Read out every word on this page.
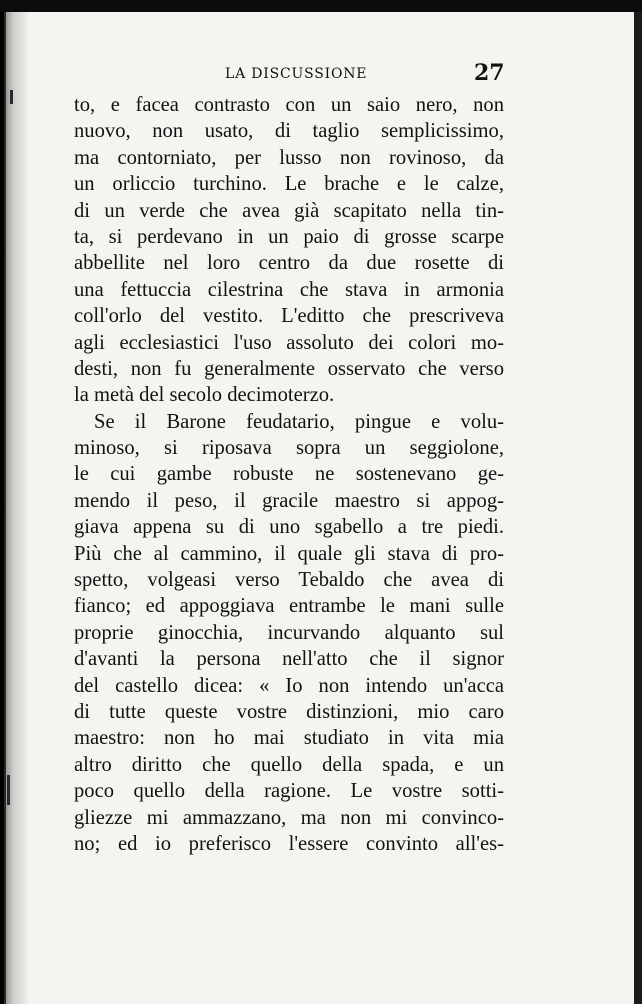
LA DISCUSSIONE	27
to, e facea contrasto con un saio nero, non
nuovo, non usato, di taglio semplicissimo,
ma contorniato, per lusso non rovinoso, da
un orliccio turchino. Le brache e le calze,
di un verde che avea già scapitato nella tin-
ta, si perdevano in un paio di grosse scarpe
abbellite nel loro centro da due rosette di
una fettuccia cilestrina che stava in armonia
coll'orlo del vestito. L'editto che prescriveva
agli ecclesiastici l'uso assoluto dei colori mo-
desti, non fu generalmente osservato che verso
la metà del secolo decimoterzo.
Se il Barone feudatario, pingue e volu-
minoso, si riposava sopra un seggiolone,
le cui gambe robuste ne sostenevano ge-
mendo il peso, il gracile maestro si appog-
giava appena su di uno sgabello a tre piedi.
Più che al cammino, il quale gli stava di pro-
spetto, volgeasi verso Tebaldo che avea di
fianco; ed appoggiava entrambe le mani sulle
proprie ginocchia, incurvando alquanto sul
d'avanti la persona nell'atto che il signor
del castello dicea: « Io non intendo un'acca
di tutte queste vostre distinzioni, mio caro
maestro: non ho mai studiato in vita mia
altro diritto che quello della spada, e un
poco quello della ragione. Le vostre sotti-
gliezze mi ammazzano, ma non mi convinco-
no; ed io preferisco l'essere convinto all'es-
